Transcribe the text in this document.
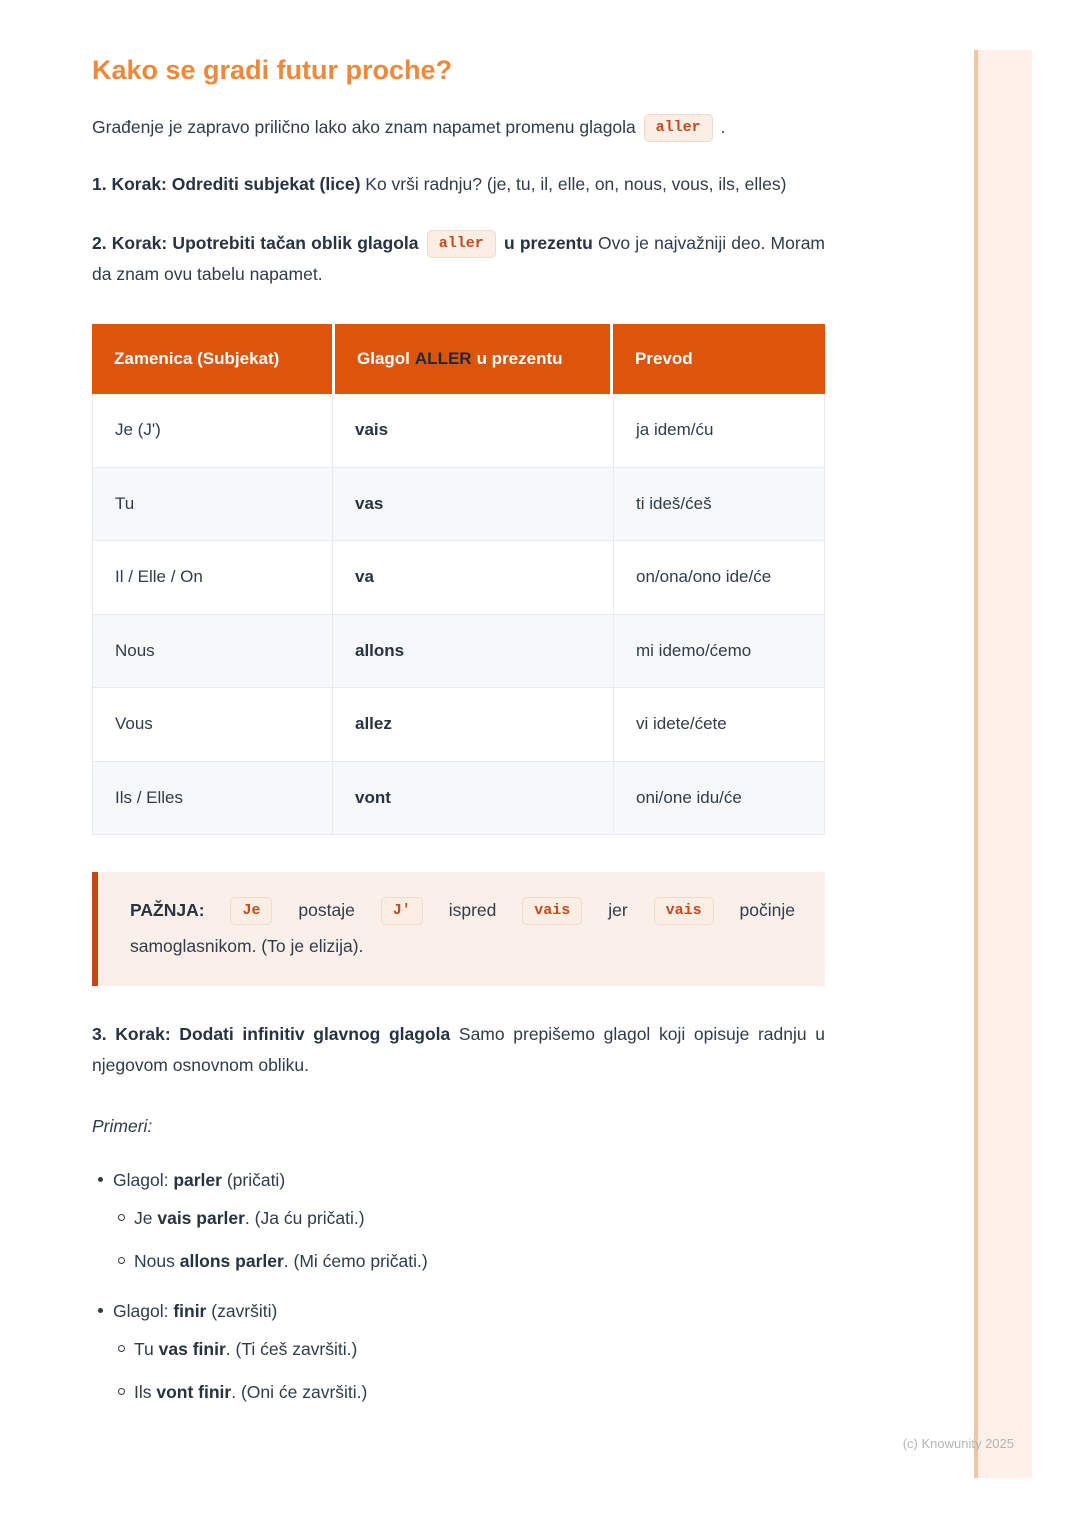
Kako se gradi futur proche?

Građenje je zapravo prilično lako ako znam napamet promenu glagola aller .

1. Korak: Odrediti subjekat (lice) Ko vrši radnju? (je, tu, il, elle, on, nous, vous, ils, elles)

2. Korak: Upotrebiti tačan oblik glagola aller u prezentu Ovo je najvažniji deo. Moram da znam ovu tabelu napamet.

Zamenica (Subjekat)	Glagol ALLER u prezentu	Prevod
Je (J')	vais	ja idem/ću
Tu	vas	ti ideš/ćeš
Il / Elle / On	va	on/ona/ono ide/će
Nous	allons	mi idemo/ćemo
Vous	allez	vi idete/ćete
Ils / Elles	vont	oni/one idu/će

PAŽNJA:	Je postaje	J' ispred	vais jer	vais počinje samoglasnikom. (To je elizija).

3. Korak: Dodati infinitiv glavnog glagola Samo prepišemo glagol koji opisuje radnju u njegovom osnovnom obliku.

Primeri:

Glagol: parler (pričati)
Je vais parler. (Ja ću pričati.)
Nous allons parler. (Mi ćemo pričati.)
Glagol: finir (završiti)
Tu vas finir. (Ti ćeš završiti.)
Ils vont finir. (Oni će završiti.)
(c) Knowunity 2025
